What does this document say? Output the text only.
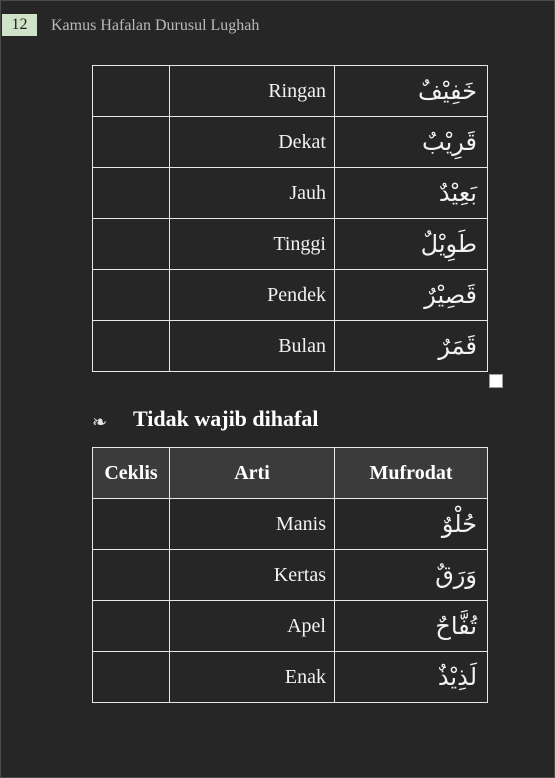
12	Kamus Hafalan Durusul Lughah
	Ringan	خَفِيْفٌ
	Dekat	قَرِيْبٌ
	Jauh	بَعِيْدٌ
	Tinggi	طَوِيْلٌ
	Pendek	قَصِيْرٌ
	Bulan	قَمَرٌ
❧ Tidak wajib dihafal
Ceklis	Arti	Mufrodat
	Manis	حُلْوٌ
	Kertas	وَرَقٌ
	Apel	تُفَّاحٌ
	Enak	لَذِيْذٌ
